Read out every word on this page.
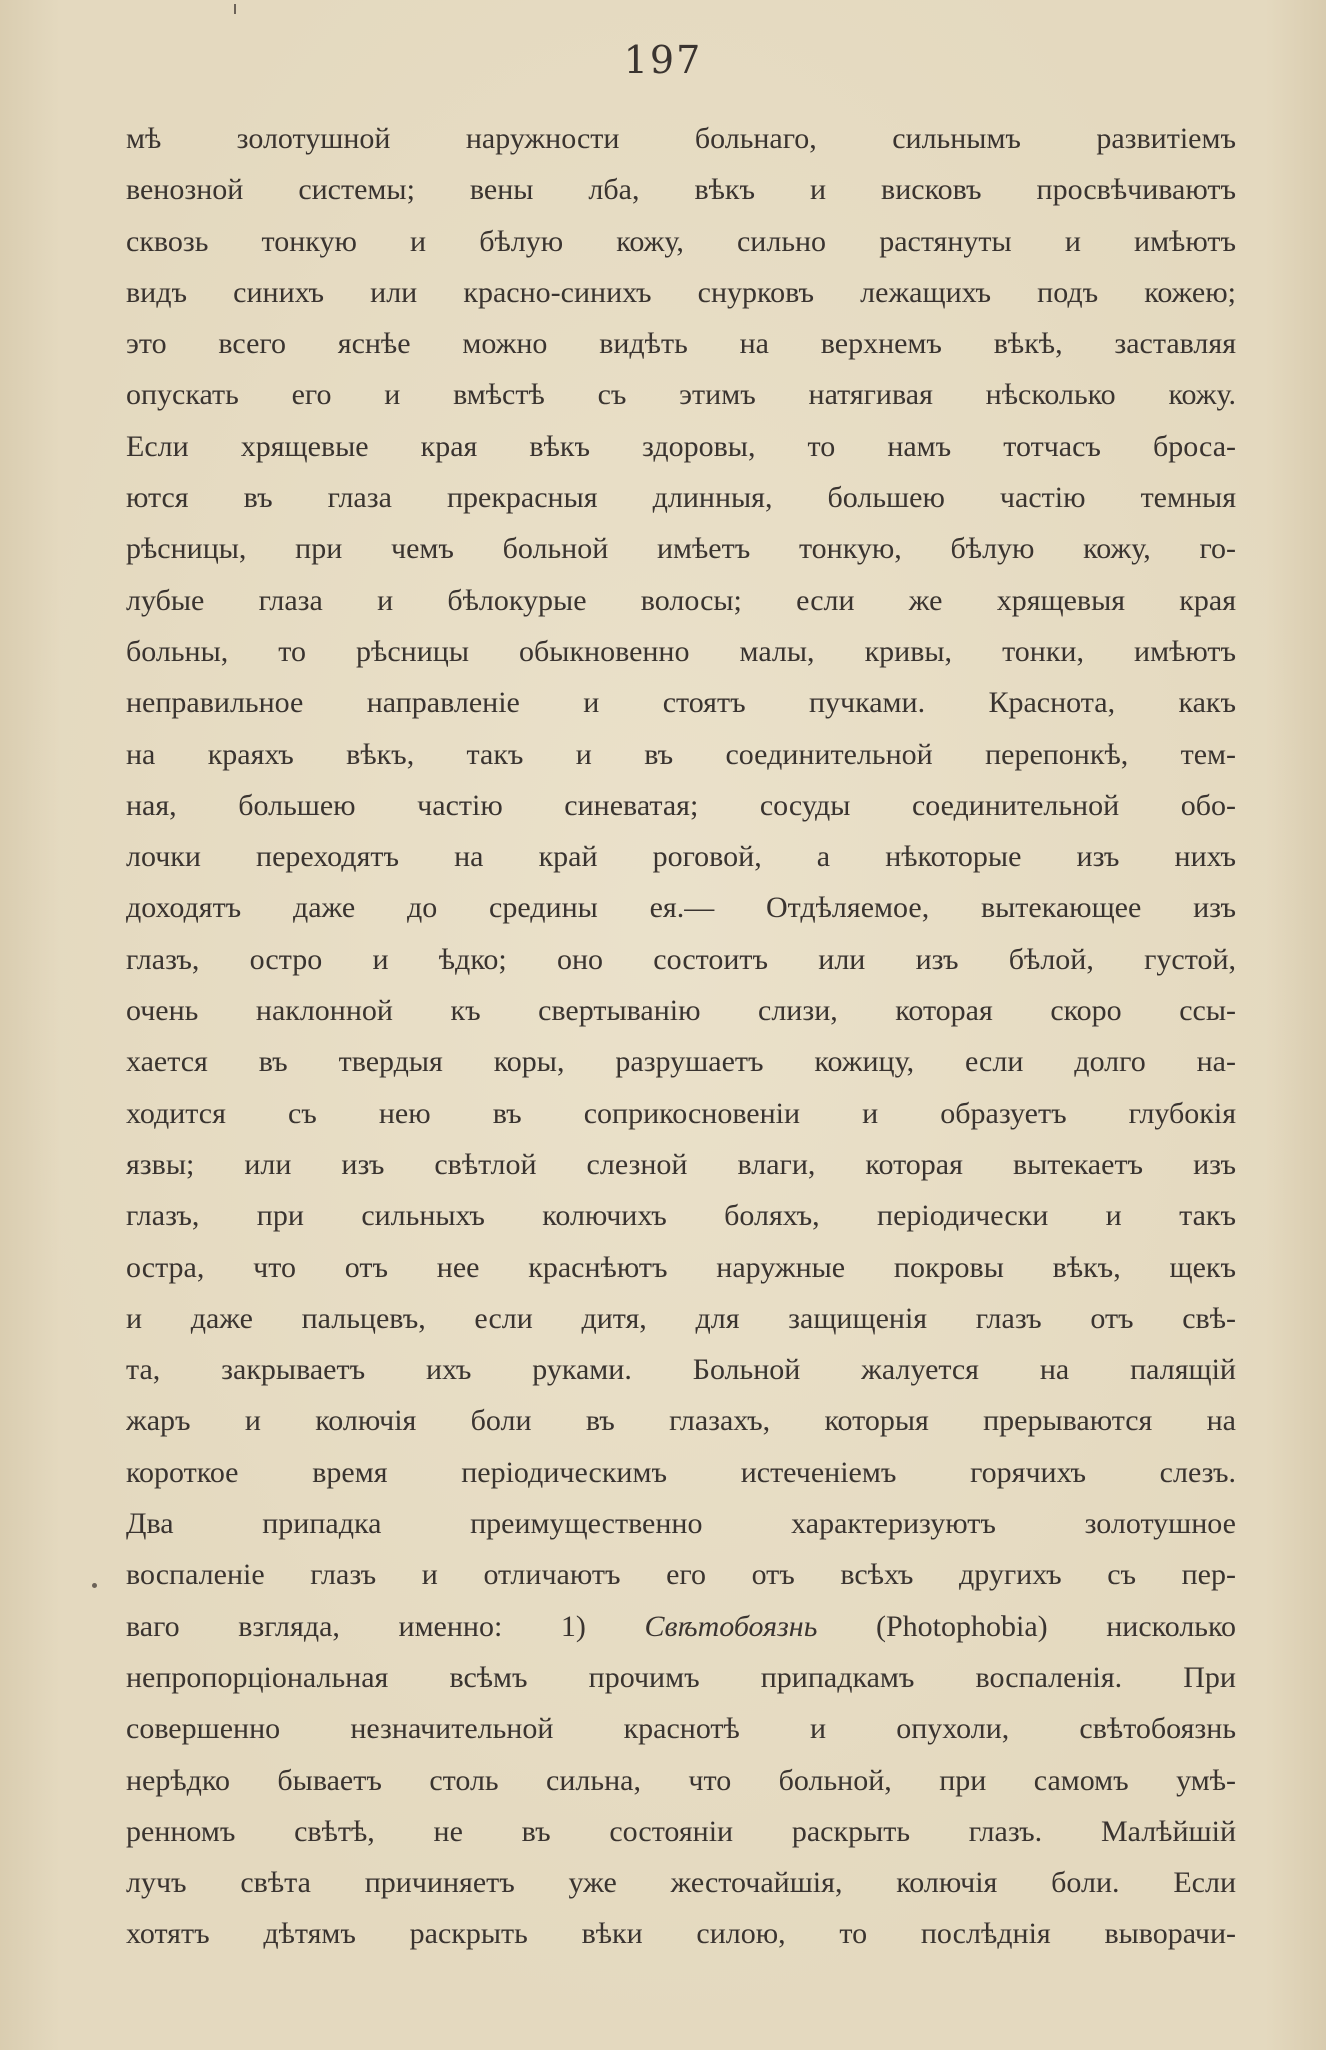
197
мѣ золотушной наружности больнаго, сильнымъ развитіемъ
венозной системы; вены лба, вѣкъ и висковъ просвѣчиваютъ
сквозь тонкую и бѣлую кожу, сильно растянуты и имѣютъ
видъ синихъ или красно-синихъ снурковъ лежащихъ подъ кожею;
это всего яснѣе можно видѣть на верхнемъ вѣкѣ, заставляя
опускать его и вмѣстѣ съ этимъ натягивая нѣсколько кожу.
Если хрящевые края вѣкъ здоровы, то намъ тотчасъ броса-
ются въ глаза прекрасныя длинныя, большею частію темныя
рѣсницы, при чемъ больной имѣетъ тонкую, бѣлую кожу, го-
лубые глаза и бѣлокурые волосы; если же хрящевыя края
больны, то рѣсницы обыкновенно малы, кривы, тонки, имѣютъ
неправильное направленіе и стоятъ пучками. Краснота, какъ
на краяхъ вѣкъ, такъ и въ соединительной перепонкѣ, тем-
ная, большею частію синеватая; сосуды соединительной обо-
лочки переходятъ на край роговой, а нѣкоторые изъ нихъ
доходятъ даже до средины ея.— Отдѣляемое, вытекающее изъ
глазъ, остро и ѣдко; оно состоитъ или изъ бѣлой, густой,
очень наклонной къ свертыванію слизи, которая скоро ссы-
хается въ твердыя коры, разрушаетъ кожицу, если долго на-
ходится съ нею въ соприкосновеніи и образуетъ глубокія
язвы; или изъ свѣтлой слезной влаги, которая вытекаетъ изъ
глазъ, при сильныхъ колючихъ боляхъ, періодически и такъ
остра, что отъ нее краснѣютъ наружные покровы вѣкъ, щекъ
и даже пальцевъ, если дитя, для защищенія глазъ отъ свѣ-
та, закрываетъ ихъ руками. Больной жалуется на палящій
жаръ и колючія боли въ глазахъ, которыя прерываются на
короткое время періодическимъ истеченіемъ горячихъ слезъ.
Два припадка преимущественно характеризуютъ золотушное
воспаленіе глазъ и отличаютъ его отъ всѣхъ другихъ съ пер-
ваго взгляда, именно: 1) Свѣтобоязнь (Photophobia) нисколько
непропорціональная всѣмъ прочимъ припадкамъ воспаленія. При
совершенно незначительной краснотѣ и опухоли, свѣтобоязнь
нерѣдко бываетъ столь сильна, что больной, при самомъ умѣ-
ренномъ свѣтѣ, не въ состояніи раскрыть глазъ. Малѣйшій
лучъ свѣта причиняетъ уже жесточайшія, колючія боли. Если
хотятъ дѣтямъ раскрыть вѣки силою, то послѣднія выворачи-
